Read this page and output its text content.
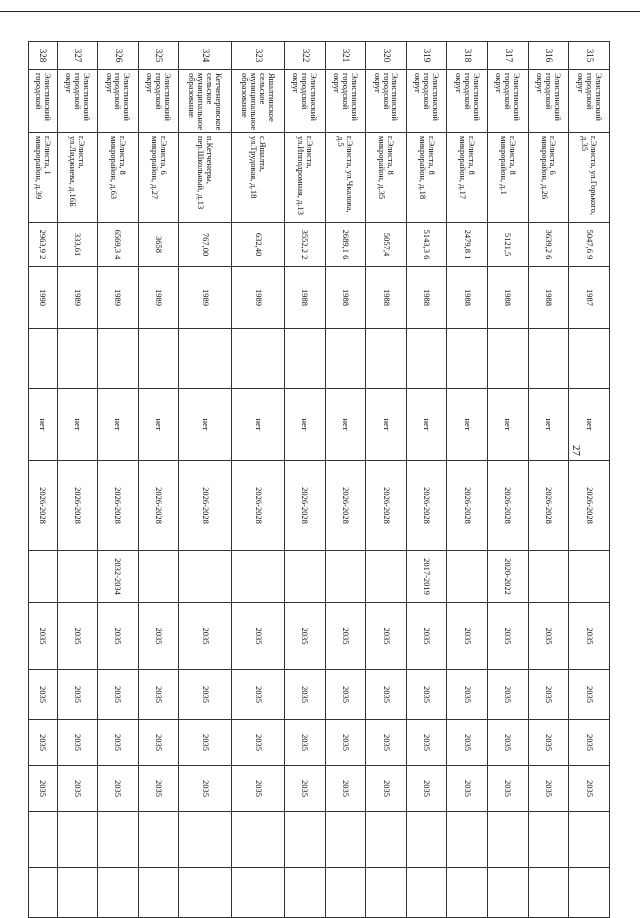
315	Элистинский городской округ	г.Элиста, ул.Горького, д.35	5047,6 9	1987		нет	2026-2028		2035	2035	2035	2035		
316	Элистинский городской округ	г.Элиста, 6 микрорайон, д.26	3639,2 6	1988		нет	2026-2028		2035	2035	2035	2035		
317	Элистинский городской округ	г.Элиста, 8 микрорайон, д.1	5121,5	1988		нет	2026-2028	2020-2022	2035	2035	2035	2035		
318	Элистинский городской округ	г.Элиста, 8 микрорайон, д.17	2479,8 1	1988		нет	2026-2028		2035	2035	2035	2035		
319	Элистинский городской округ	г.Элиста, 8 микрорайон, д.18	5143,3 6	1988		нет	2026-2028	2017-2019	2035	2035	2035	2035		
320	Элистинский городской округ	г.Элиста, 8 микрорайон, д.35	5057,4	1988		нет	2026-2028		2035	2035	2035	2035		
321	Элистинский городской округ	г.Элиста, ул.Чкалова, д.5	2689,1 6	1988		нет	2026-2028		2035	2035	2035	2035		
322	Элистинский городской округ	г.Элиста, ул.Ипподромная, д.13	3552,2 2	1988		нет	2026-2028		2035	2035	2035	2035		
323	Яшалтинское сельское муниципальное образование	с.Яшалта, ул.Трудовая, д.18	632,40	1989		нет	2026-2028		2035	2035	2035	2035		
324	Кетченеровское сельское муниципальное образование	п.Кетченеры, пер.Школьный, д.13	767,00	1989		нет	2026-2028		2035	2035	2035	2035		
325	Элистинский городской округ	г.Элиста, 6 микрорайон, д.27	3658	1989		нет	2026-2028		2035	2035	2035	2035		
326	Элистинский городской округ	г.Элиста, 8 микрорайон, д.63	6569,3 4	1989		нет	2026-2028	2032-2034	2035	2035	2035	2035		
327	Элистинский городской округ	г.Элиста, ул.Лиджиева, д.16Б	333,61	1989		нет	2026-2028		2035	2035	2035	2035		
328	Элистинский городской	г.Элиста, 1 микрорайон, д.39	2963,9 2	1990		нет	2026-2028		2035	2035	2035	2035		
27
